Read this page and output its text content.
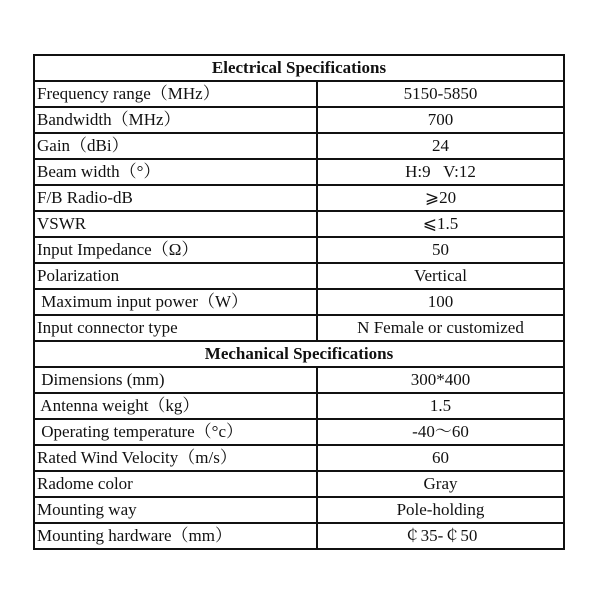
Electrical Specifications	
Frequency range（MHz）	5150-5850
Bandwidth（MHz）	700
Gain（dBi）	24
Beam width（°）	H:9   V:12
F/B Radio-dB	⩾20
VSWR	⩽1.5
Input Impedance（Ω）	50
Polarization	Vertical
Maximum input power（W）	100
Input connector type	N Female or customized
Mechanical Specifications	
Dimensions (mm)	300*400
Antenna weight（kg）	1.5
Operating temperature（°c）	-40～60
Rated Wind Velocity（m/s）	60
Radome color	Gray
Mounting way	Pole-holding
Mounting hardware（mm）	￠35-￠50
